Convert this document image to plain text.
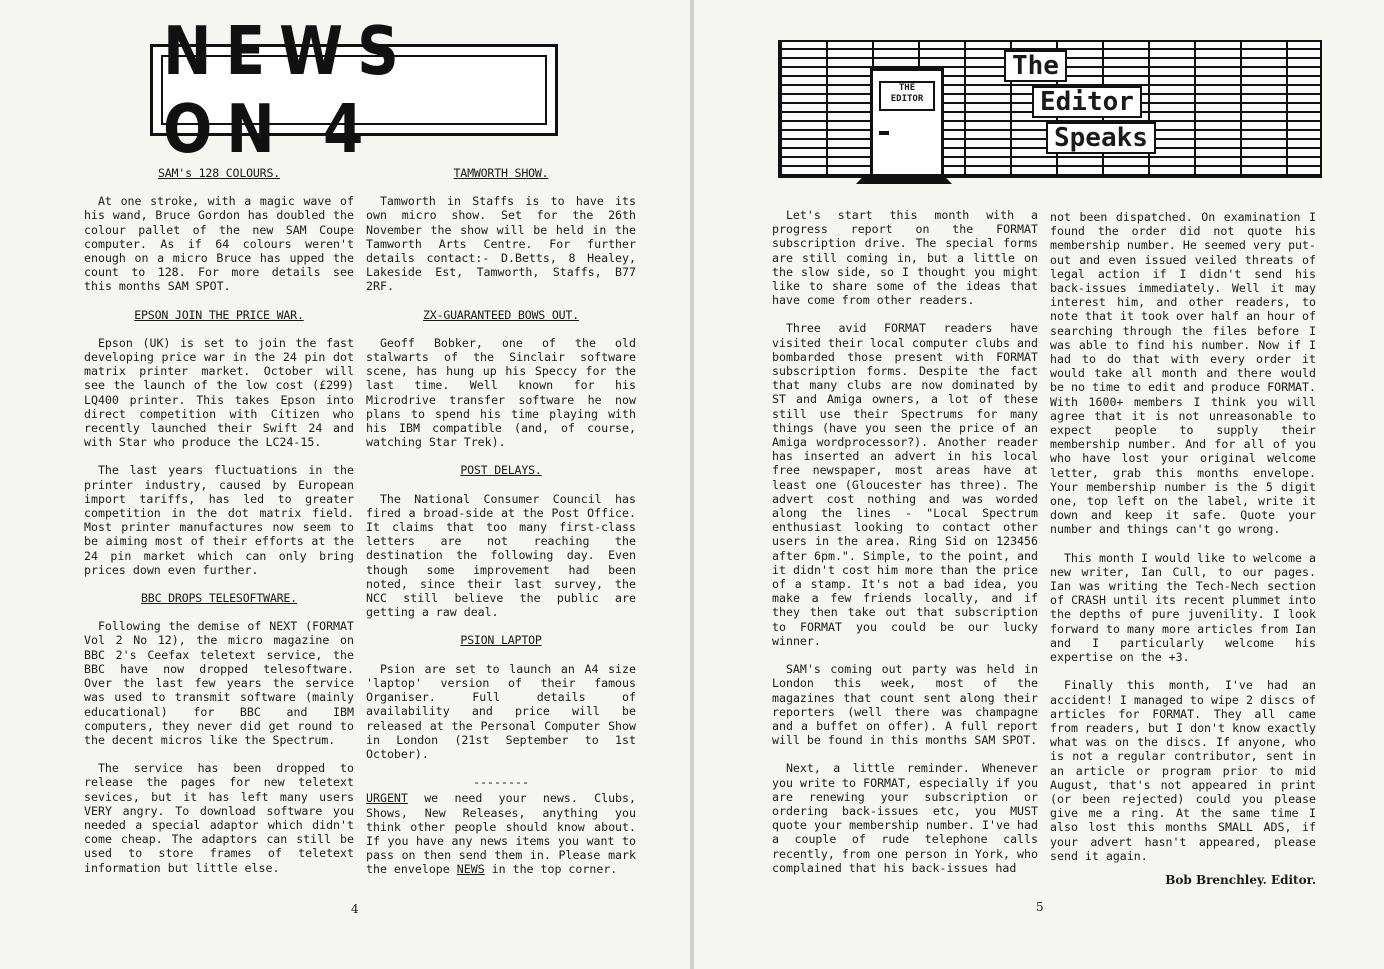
NEWS ON 4
SAM's 128 COLOURS.

At one stroke, with a magic wave of his wand, Bruce Gordon has doubled the colour pallet of the new SAM Coupe computer. As if 64 colours weren't enough on a micro Bruce has upped the count to 128. For more details see this months SAM SPOT.

EPSON JOIN THE PRICE WAR.

Epson (UK) is set to join the fast developing price war in the 24 pin dot matrix printer market. October will see the launch of the low cost (£299) LQ400 printer. This takes Epson into direct competition with Citizen who recently launched their Swift 24 and with Star who produce the LC24-15.

The last years fluctuations in the printer industry, caused by European import tariffs, has led to greater competition in the dot matrix field. Most printer manufactures now seem to be aiming most of their efforts at the 24 pin market which can only bring prices down even further.

BBC DROPS TELESOFTWARE.

Following the demise of NEXT (FORMAT Vol 2 No 12), the micro magazine on BBC 2's Ceefax teletext service, the BBC have now dropped telesoftware. Over the last few years the service was used to transmit software (mainly educational) for BBC and IBM computers, they never did get round to the decent micros like the Spectrum.

The service has been dropped to release the pages for new teletext sevices, but it has left many users VERY angry. To download software you needed a special adaptor which didn't come cheap. The adaptors can still be used to store frames of teletext information but little else.

TAMWORTH SHOW.

Tamworth in Staffs is to have its own micro show. Set for the 26th November the show will be held in the Tamworth Arts Centre. For further details contact:- D.Betts, 8 Healey, Lakeside Est, Tamworth, Staffs, B77 2RF.

ZX-GUARANTEED BOWS OUT.

Geoff Bobker, one of the old stalwarts of the Sinclair software scene, has hung up his Speccy for the last time. Well known for his Microdrive transfer software he now plans to spend his time playing with his IBM compatible (and, of course, watching Star Trek).

POST DELAYS.

The National Consumer Council has fired a broad-side at the Post Office. It claims that too many first-class letters are not reaching the destination the following day. Even though some improvement had been noted, since their last survey, the NCC still believe the public are getting a raw deal.

PSION LAPTOP

Psion are set to launch an A4 size 'laptop' version of their famous Organiser. Full details of availability and price will be released at the Personal Computer Show in London (21st September to 1st October).

--------

URGENT we need your news. Clubs, Shows, New Releases, anything you think other people should know about. If you have any news items you want to pass on then send them in. Please mark the envelope NEWS in the top corner.

4
THE
EDITOR
The
Editor
Speaks

Let's start this month with a progress report on the FORMAT subscription drive. The special forms are still coming in, but a little on the slow side, so I thought you might like to share some of the ideas that have come from other readers.

Three avid FORMAT readers have visited their local computer clubs and bombarded those present with FORMAT subscription forms. Despite the fact that many clubs are now dominated by ST and Amiga owners, a lot of these still use their Spectrums for many things (have you seen the price of an Amiga wordprocessor?). Another reader has inserted an advert in his local free newspaper, most areas have at least one (Gloucester has three). The advert cost nothing and was worded along the lines - "Local Spectrum enthusiast looking to contact other users in the area. Ring Sid on 123456 after 6pm.". Simple, to the point, and it didn't cost him more than the price of a stamp. It's not a bad idea, you make a few friends locally, and if they then take out that subscription to FORMAT you could be our lucky winner.

SAM's coming out party was held in London this week, most of the magazines that count sent along their reporters (well there was champagne and a buffet on offer). A full report will be found in this months SAM SPOT.

Next, a little reminder. Whenever you write to FORMAT, especially if you are renewing your subscription or ordering back-issues etc, you MUST quote your membership number. I've had a couple of rude telephone calls recently, from one person in York, who complained that his back-issues had

not been dispatched. On examination I found the order did not quote his membership number. He seemed very put-out and even issued veiled threats of legal action if I didn't send his back-issues immediately. Well it may interest him, and other readers, to note that it took over half an hour of searching through the files before I was able to find his number. Now if I had to do that with every order it would take all month and there would be no time to edit and produce FORMAT. With 1600+ members I think you will agree that it is not unreasonable to expect people to supply their membership number. And for all of you who have lost your original welcome letter, grab this months envelope. Your membership number is the 5 digit one, top left on the label, write it down and keep it safe. Quote your number and things can't go wrong.

This month I would like to welcome a new writer, Ian Cull, to our pages. Ian was writing the Tech-Nech section of CRASH until its recent plummet into the depths of pure juvenility. I look forward to many more articles from Ian and I particularly welcome his expertise on the +3.

Finally this month, I've had an accident! I managed to wipe 2 discs of articles for FORMAT. They all came from readers, but I don't know exactly what was on the discs. If anyone, who is not a regular contributor, sent in an article or program prior to mid August, that's not appeared in print (or been rejected) could you please give me a ring. At the same time I also lost this months SMALL ADS, if your advert hasn't appeared, please send it again.

Bob Brenchley. Editor.
5
